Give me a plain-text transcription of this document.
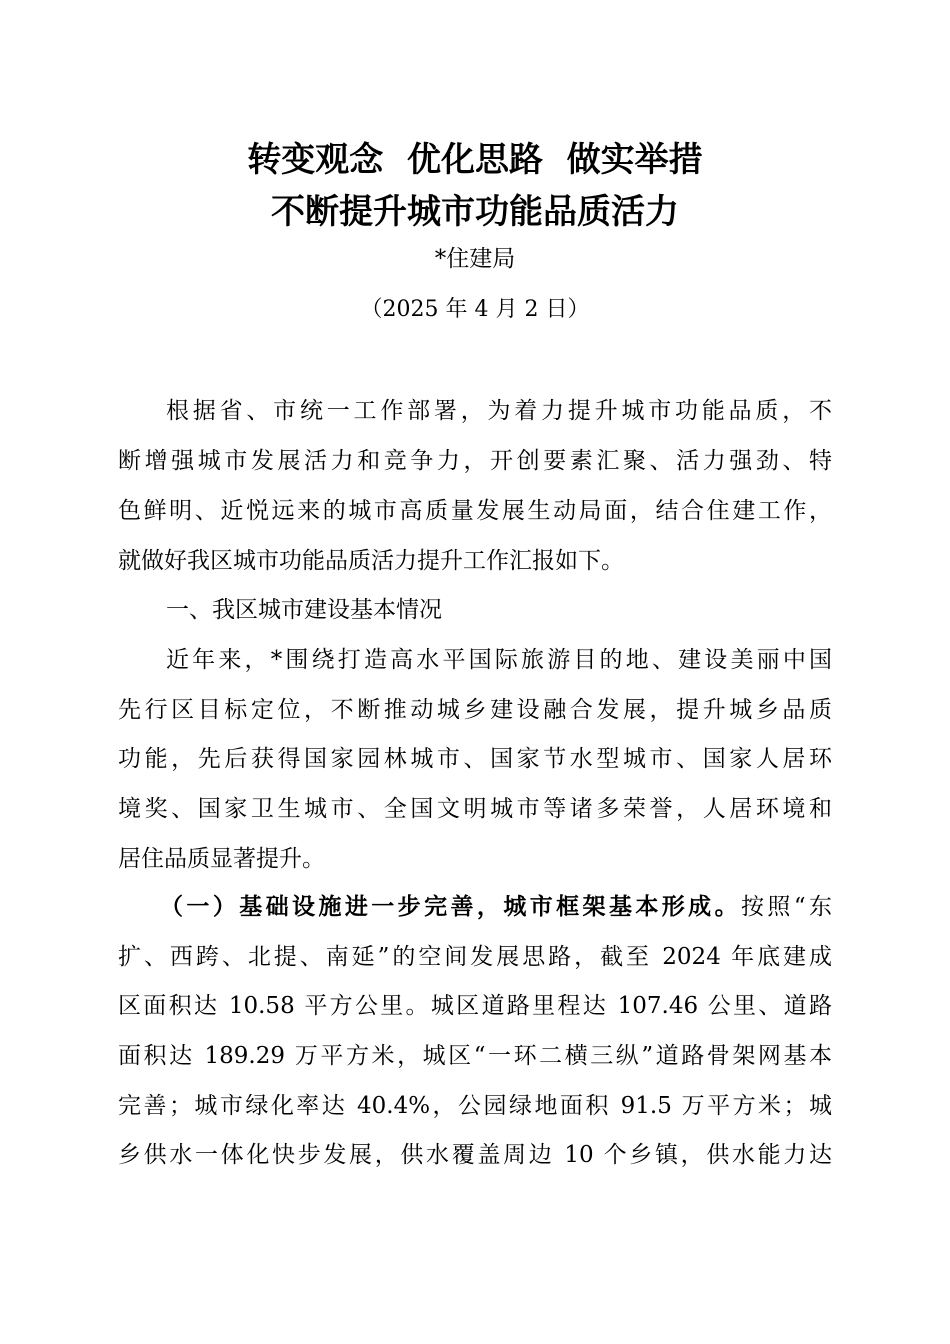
转变观念  优化思路  做实举措
不断提升城市功能品质活力
*住建局
（2025 年 4 月 2 日）
根据省、市统一工作部署，为着力提升城市功能品质，不
断增强城市发展活力和竞争力，开创要素汇聚、活力强劲、特
色鲜明、近悦远来的城市高质量发展生动局面，结合住建工作，
就做好我区城市功能品质活力提升工作汇报如下。
一、我区城市建设基本情况
近年来，*围绕打造高水平国际旅游目的地、建设美丽中国
先行区目标定位，不断推动城乡建设融合发展，提升城乡品质
功能，先后获得国家园林城市、国家节水型城市、国家人居环
境奖、国家卫生城市、全国文明城市等诸多荣誉，人居环境和
居住品质显著提升。
（一）基础设施进一步完善，城市框架基本形成。按照“东
扩、西跨、北提、南延”的空间发展思路，截至 2024 年底建成
区面积达 10.58 平方公里。城区道路里程达 107.46 公里、道路
面积达 189.29 万平方米，城区“一环二横三纵”道路骨架网基本
完善；城市绿化率达 40.4%，公园绿地面积 91.5 万平方米；城
乡供水一体化快步发展，供水覆盖周边 10 个乡镇，供水能力达
